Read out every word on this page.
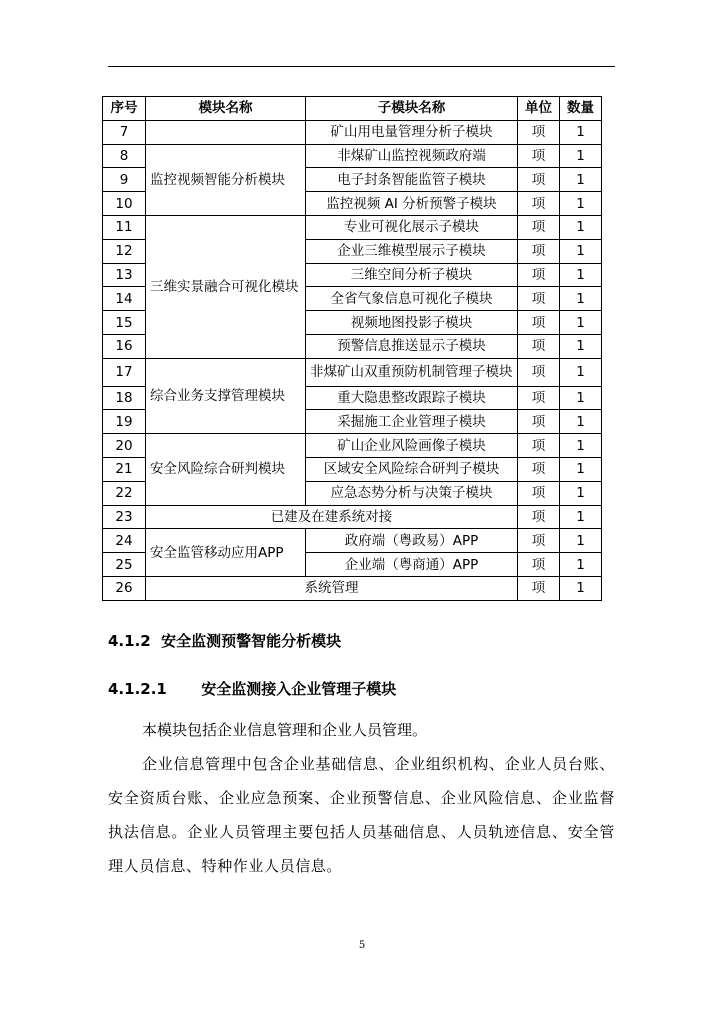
序号	模块名称	子模块名称	单位	数量
7		矿山用电量管理分析子模块	项	1
8	监控视频智能分析模块	非煤矿山监控视频政府端	项	1
9		电子封条智能监管子模块	项	1
10		监控视频 AI 分析预警子模块	项	1
11	三维实景融合可视化模块	专业可视化展示子模块	项	1
12		企业三维模型展示子模块	项	1
13		三维空间分析子模块	项	1
14		全省气象信息可视化子模块	项	1
15		视频地图投影子模块	项	1
16		预警信息推送显示子模块	项	1
17	综合业务支撑管理模块	非煤矿山双重预防机制管理子模块	项	1
18		重大隐患整改跟踪子模块	项	1
19		采掘施工企业管理子模块	项	1
20	安全风险综合研判模块	矿山企业风险画像子模块	项	1
21		区域安全风险综合研判子模块	项	1
22		应急态势分析与决策子模块	项	1
23	已建及在建系统对接		项	1
24	安全监管移动应用APP	政府端（粤政易）APP	项	1
25		企业端（粤商通）APP	项	1
26	系统管理		项	1
4.1.2 安全监测预警智能分析模块
4.1.2.1 安全监测接入企业管理子模块
本模块包括企业信息管理和企业人员管理。
企业信息管理中包含企业基础信息、企业组织机构、企业人员台账、安全资质台账、企业应急预案、企业预警信息、企业风险信息、企业监督执法信息。企业人员管理主要包括人员基础信息、人员轨迹信息、安全管理人员信息、特种作业人员信息。
5
